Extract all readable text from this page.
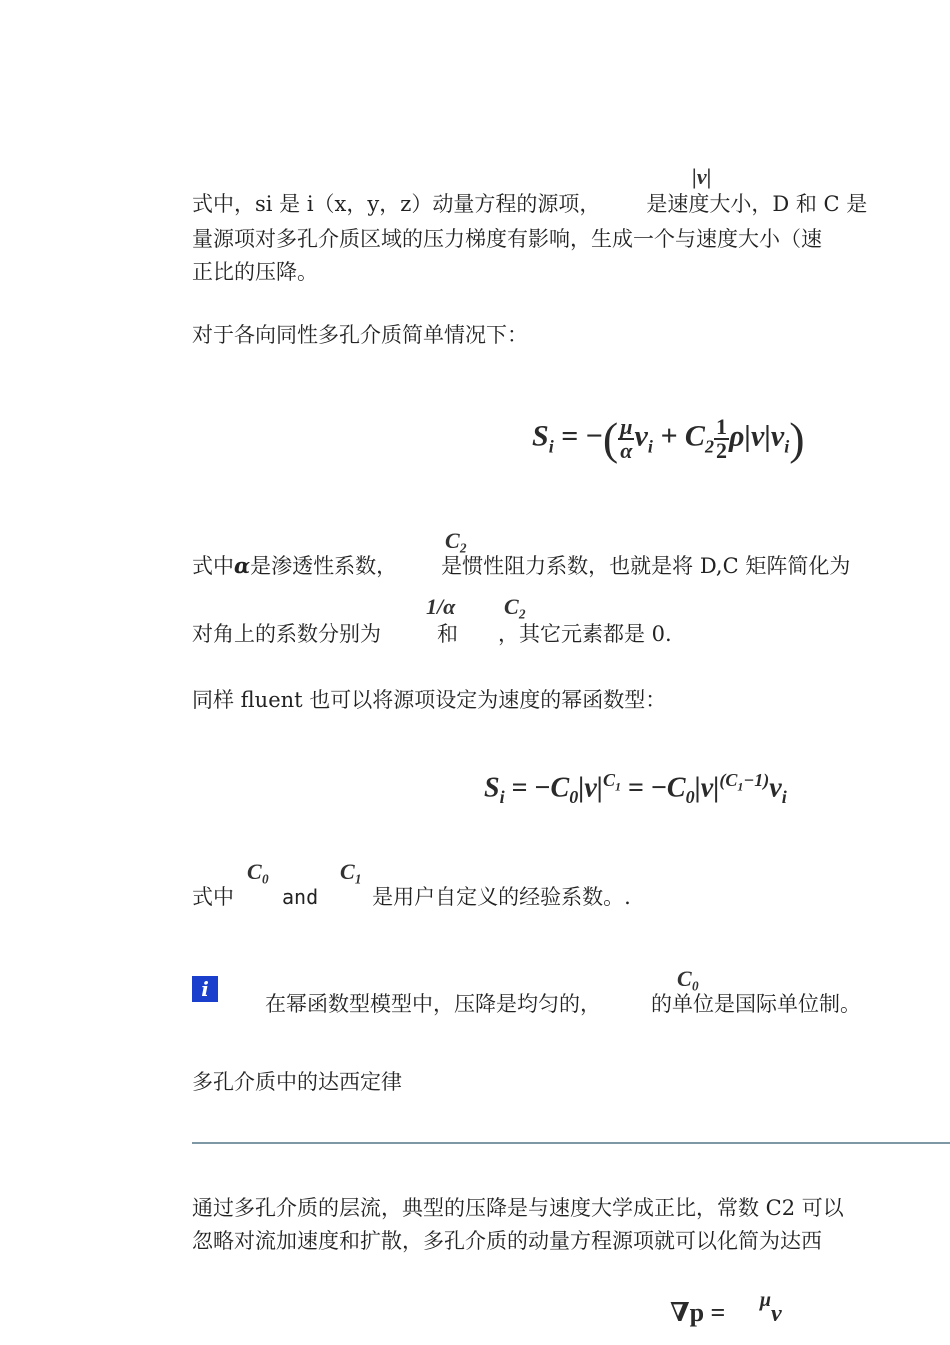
|v|
式中，si 是 i（x，y，z）动量方程的源项， 是速度大小，D 和 C 是
量源项对多孔介质区域的压力梯度有影响，生成一个与速度大小（速
正比的压降。
对于各向同性多孔介质简单情况下：
$S_i$ = −( $\frac{\mu}{\alpha} v_i + C_2 \frac{1}{2} \rho|v|v_i$)
C₂
式中α是渗透性系数， 是惯性阻力系数，也就是将 D,C 矩阵简化为
1/α C₂
对角上的系数分别为	和 ，其它元素都是 0.
同样 fluent 也可以将源项设定为速度的幂函数型：
$S_i = -C_0|v|^{C_1} = -C_0|v|^{(C_1-1)}v_i$
C₀	C₁
式中 and	是用户自定义的经验系数。.
i	C₀
在幂函数型模型中，压降是均匀的， 的单位是国际单位制。
多孔介质中的达西定律
通过多孔介质的层流，典型的压降是与速度大学成正比，常数 C2 可以
忽略对流加速度和扩散，多孔介质的动量方程源项就可以化简为达西
∇p = μ
v⃗
